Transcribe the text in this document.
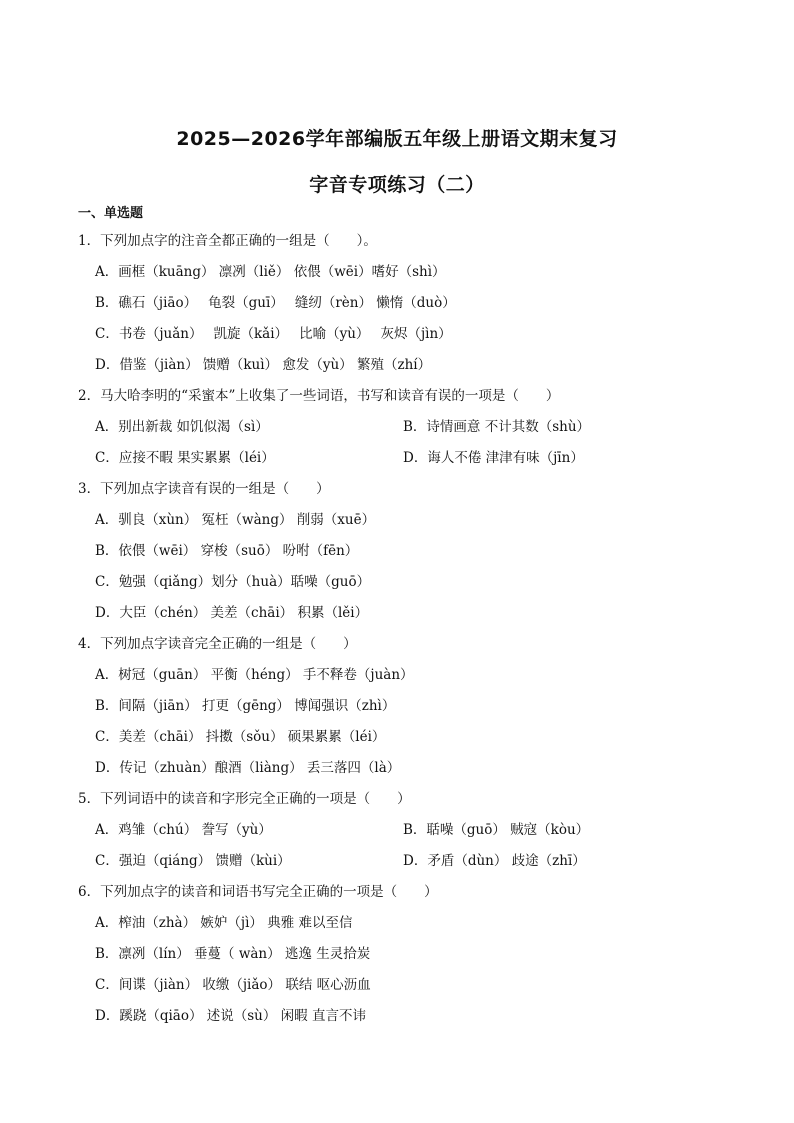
2025—2026学年部编版五年级上册语文期末复习
字音专项练习（二）
一、单选题
1．下列加点字的注音全都正确的一组是（　　）。
A．画框（kuāng） 凛冽（liě） 依偎（wēi）嗜好（shì）
B．礁石（jiāo）　 龟裂（guī）　 缝纫（rèn） 懒惰（duò）
C．书卷（juǎn）　 凯旋（kǎi）　 比喻（yù）　 灰烬（jìn）
D．借鉴（jiàn） 馈赠（kuì） 愈发（yù） 繁殖（zhí）
2．马大哈李明的“采蜜本”上收集了一些词语，书写和读音有误的一项是（　　）
A．别出新裁 如饥似渴（sì）	B．诗情画意 不计其数（shù）
C．应接不暇 果实累累（léi）	D．诲人不倦 津津有味（jīn）
3．下列加点字读音有误的一组是（　　）
A．驯良（xùn） 冤枉（wàng） 削弱（xuē）
B．依偎（wēi） 穿梭（suō） 吩咐（fēn）
C．勉强（qiǎng）划分（huà）聒噪（guō）
D．大臣（chén） 美差（chāi） 积累（lěi）
4．下列加点字读音完全正确的一组是（　　）
A．树冠（guān） 平衡（héng） 手不释卷（juàn）
B．间隔（jiān） 打更（gēng） 博闻强识（zhì）
C．美差（chāi） 抖擞（sǒu） 硕果累累（léi）
D．传记（zhuàn）酿酒（liàng） 丢三落四（là）
5．下列词语中的读音和字形完全正确的一项是（　　）
A．鸡雏（chú） 誊写（yù）	B．聒噪（guō） 贼寇（kòu）
C．强迫（qiáng） 馈赠（kùi）	D．矛盾（dùn） 歧途（zhī）
6．下列加点字的读音和词语书写完全正确的一项是（　　）
A．榨油（zhà） 嫉妒（jì） 典雅 难以至信
B．凛冽（lín） 垂蔓（ wàn） 逃逸 生灵拾炭
C．间谍（jiàn） 收缴（jiǎo） 联结 呕心沥血
D．蹊跷（qiāo） 述说（sù） 闲暇 直言不讳
